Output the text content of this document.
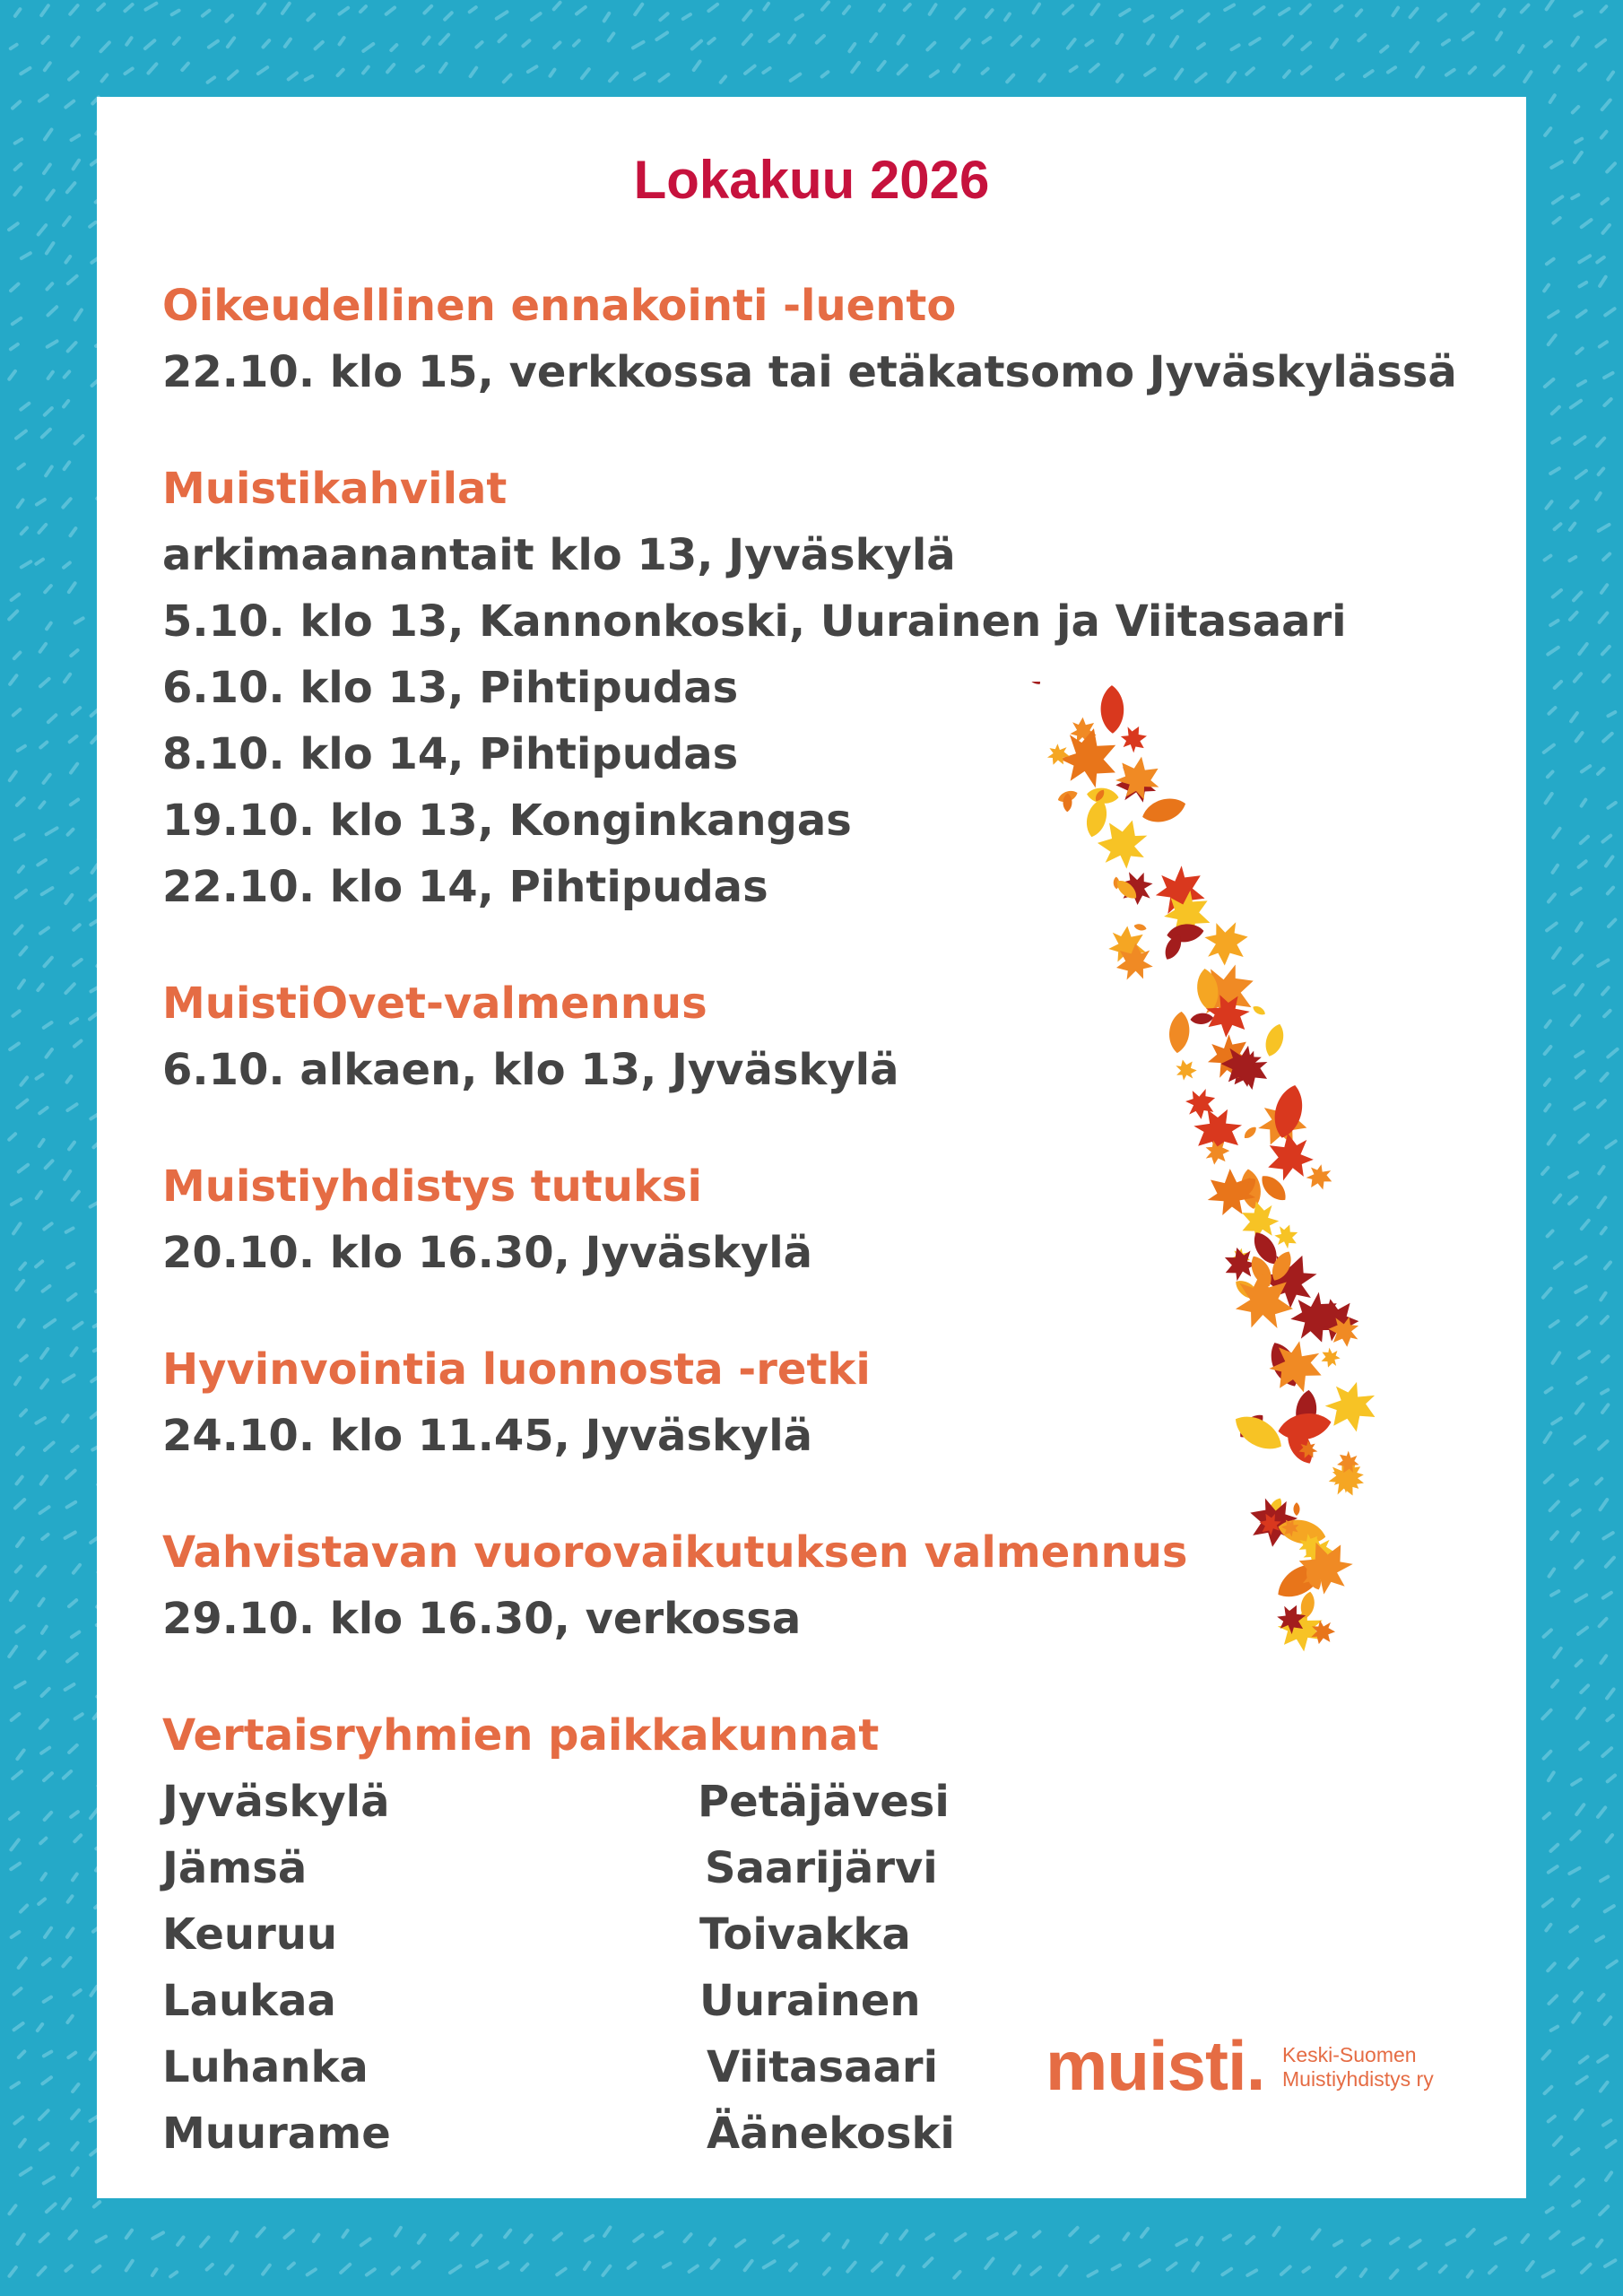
Lokakuu 2026
Oikeudellinen ennakointi -luento

22.10. klo 15, verkkossa tai etäkatsomo Jyväskylässä

Muistikahvilat

arkimaanantait klo 13, Jyväskylä

5.10. klo 13, Kannonkoski, Uurainen ja Viitasaari

6.10. klo 13, Pihtipudas

8.10. klo 14, Pihtipudas

19.10. klo 13, Konginkangas

22.10. klo 14, Pihtipudas

MuistiOvet-valmennus

6.10. alkaen, klo 13, Jyväskylä

Muistiyhdistys tutuksi

20.10. klo 16.30, Jyväskylä

Hyvinvointia luonnosta -retki

24.10. klo 11.45, Jyväskylä

Vahvistavan vuorovaikutuksen valmennus

29.10. klo 16.30, verkossa

Vertaisryhmien paikkakunnat

Jyväskylä

Jämsä

Keuruu

Laukaa

Luhanka

Muurame

Petäjävesi

Saarijärvi

Toivakka

Uurainen

Viitasaari

Äänekoski

muisti. Keski-Suomen
Muistiyhdistys ry
